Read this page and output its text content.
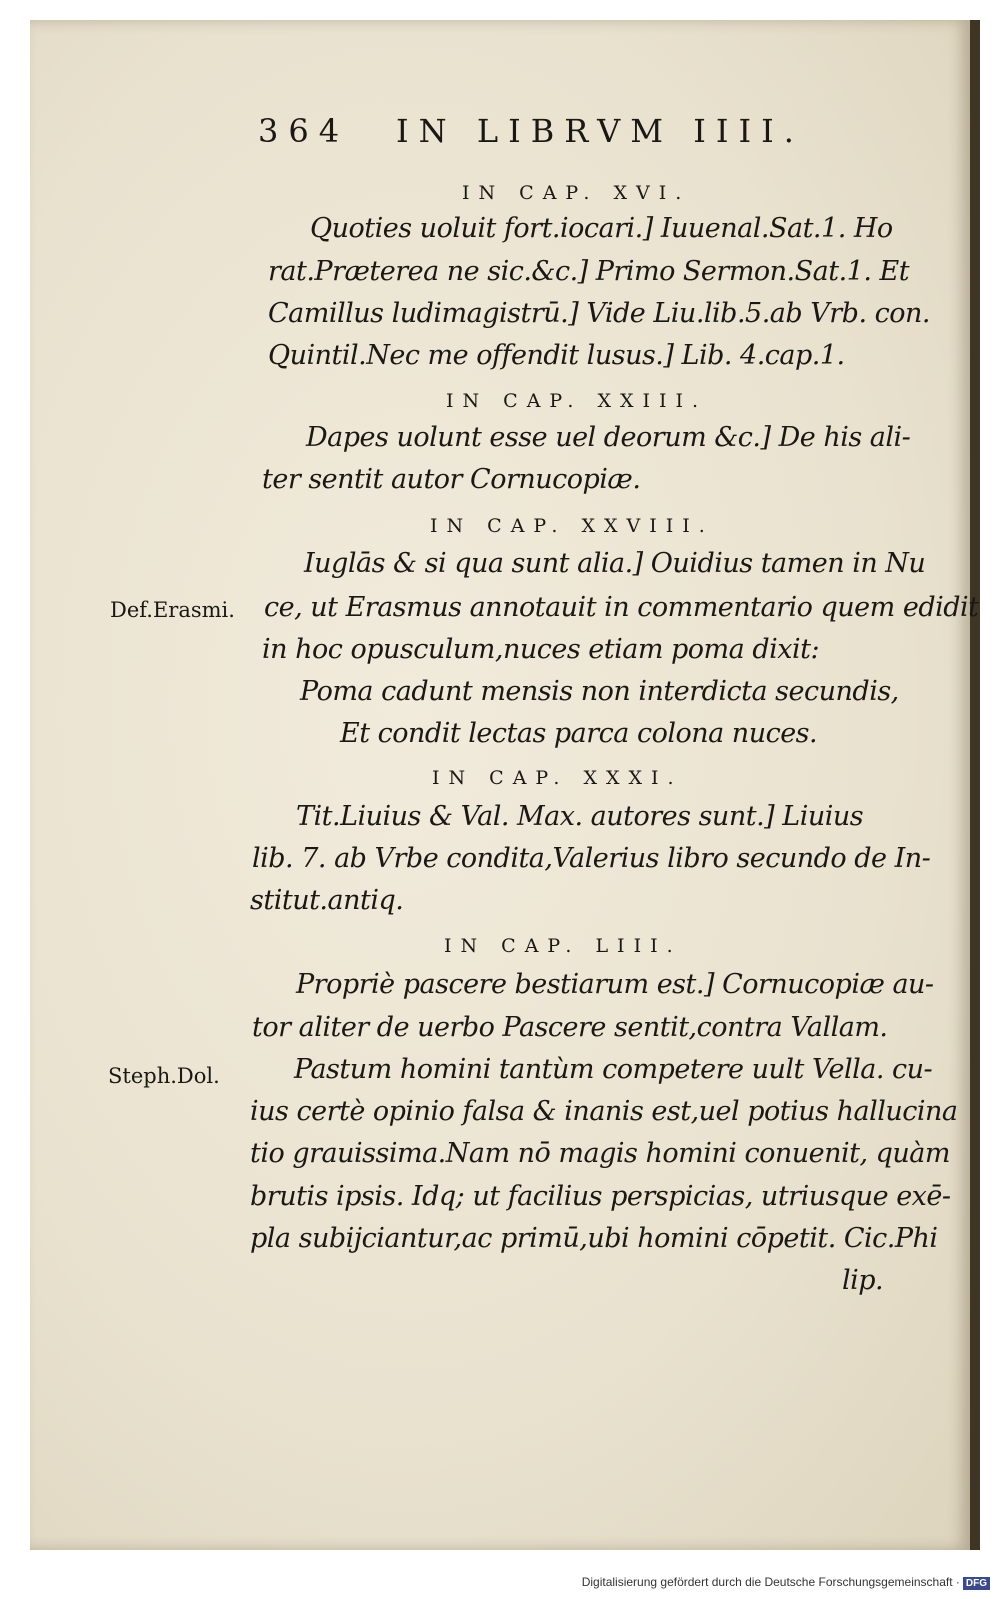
364 IN LIBRVM IIII.
IN CAP. XVI.
Quoties uoluit fort.iocari.] Iuuenal.Sat.1. Ho
rat.Præterea ne sic.&c.] Primo Sermon.Sat.1. Et
Camillus ludimagistrū.] Vide Liu.lib.5.ab Vrb. con.
Quintil.Nec me offendit lusus.] Lib. 4.cap.1.
IN CAP. XXIII.
Dapes uolunt esse uel deorum &c.] De his ali-
ter sentit autor Cornucopiæ.
IN CAP. XXVIII.
Iuglās & si qua sunt alia.] Ouidius tamen in Nu
Def.Erasmi. ce, ut Erasmus annotauit in commentario quem edidit
in hoc opusculum,nuces etiam poma dixit:
Poma cadunt mensis non interdicta secundis,
Et condit lectas parca colona nuces.
IN CAP. XXXI.
Tit.Liuius & Val. Max. autores sunt.] Liuius
lib. 7. ab Vrbe condita,Valerius libro secundo de In-
stitut.antiq.
IN CAP. LIII.
Propriè pascere bestiarum est.] Cornucopiæ au-
tor aliter de uerbo Pascere sentit,contra Vallam.
Steph.Dol.	Pastum homini tantùm competere uult Vella. cu-
ius certè opinio falsa & inanis est,uel potius hallucina
tio grauissima.Nam nō magis homini conuenit, quàm
brutis ipsis. Idq; ut facilius perspicias, utriusque exē-
pla subijciantur,ac primū,ubi homini cōpetit. Cic.Phi
lip.
Digitalisierung gefördert durch die Deutsche Forschungsgemeinschaft · DFG
